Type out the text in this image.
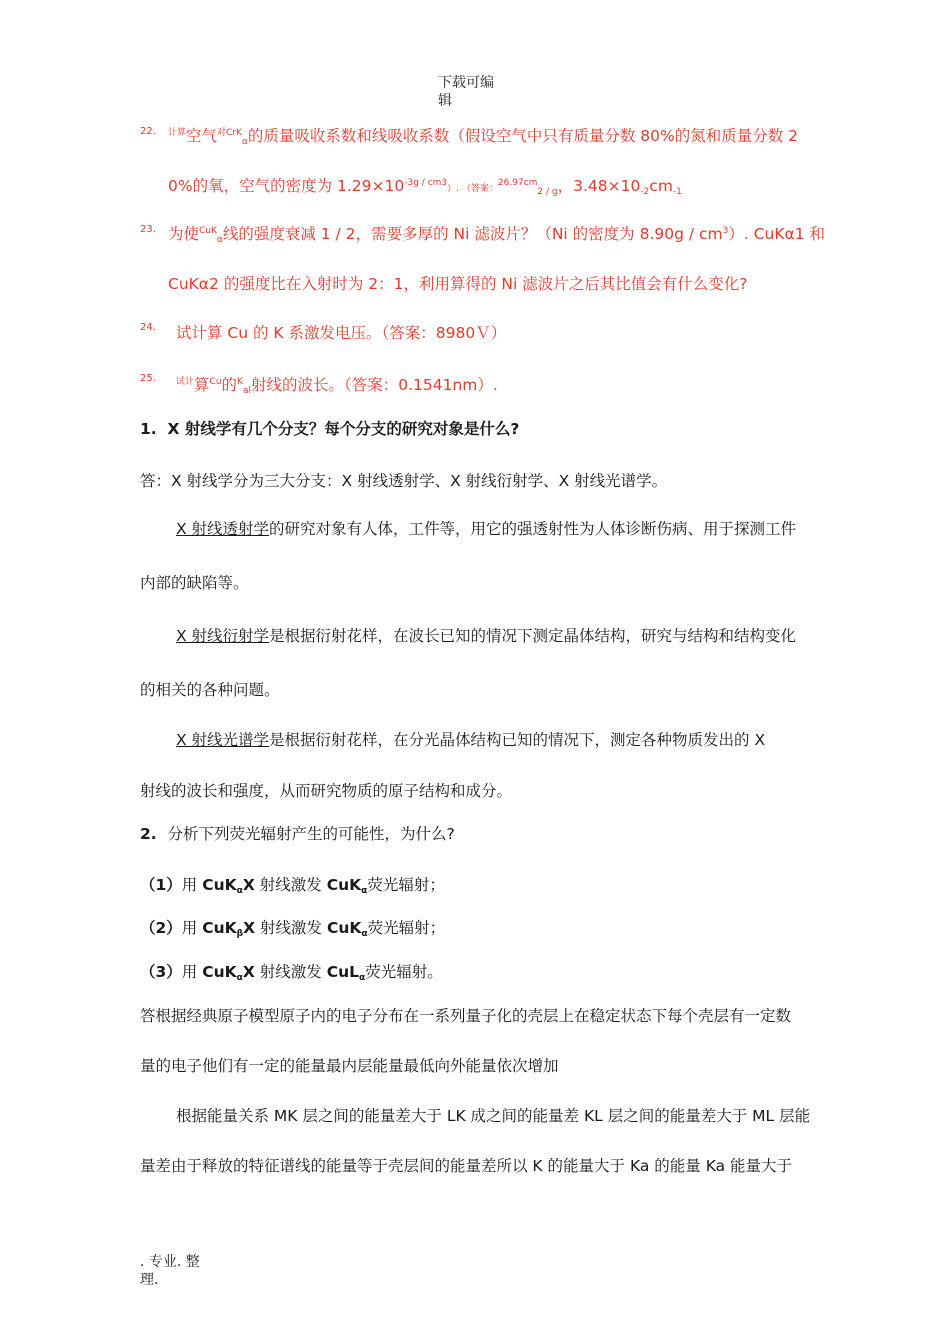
下载可编
辑
22. $^{计算}$空气$^{对CrK}_\alpha$的质量吸收系数和线吸收系数（假设空气中只有质量分数 80%的氮和质量分数 2
0%的氧，空气的密度为 $1.29\times 10^{-3g / cm3}$）. （答案：$^{26.97cm}_{2 / g}$，$3.48\times 10_{-2}cm_{-1}$
23. 为使$^{CuK}_\alpha$线的强度衰减 1 / 2，需要多厚的 Ni 滤波片？（Ni 的密度为 $8.90g / cm^3$）. CuKα1 和
CuKα2 的强度比在入射时为 2：1，利用算得的 Ni 滤波片之后其比值会有什么变化?
24. 试计算 Cu 的 K 系激发电压。（答案：8980Ｖ）
25. $^{试计}$算$^{Cu}$的$^K_{al}$射线的波长。（答案：0.1541nm）.
1. X 射线学有几个分支？每个分支的研究对象是什么?
答：X 射线学分为三大分支：X 射线透射学、X 射线衍射学、X 射线光谱学。
X 射线透射学的研究对象有人体，工件等，用它的强透射性为人体诊断伤病、用于探测工件
内部的缺陷等。
X 射线衍射学是根据衍射花样，在波长已知的情况下测定晶体结构，研究与结构和结构变化
的相关的各种问题。
X 射线光谱学是根据衍射花样，在分光晶体结构已知的情况下，测定各种物质发出的 X
射线的波长和强度，从而研究物质的原子结构和成分。
2. 分析下列荧光辐射产生的可能性，为什么?
（1）用 CuK$_\alpha$X 射线激发 CuK$_\alpha$荧光辐射；
（2）用 CuK$_\beta$X 射线激发 CuK$_\alpha$荧光辐射；
（3）用 CuK$_\alpha$X 射线激发 CuL$_\alpha$荧光辐射。
答根据经典原子模型原子内的电子分布在一系列量子化的壳层上在稳定状态下每个壳层有一定数
量的电子他们有一定的能量最内层能量最低向外能量依次增加
根据能量关系 MK 层之间的能量差大于 LK 成之间的能量差 KL 层之间的能量差大于 ML 层能
量差由于释放的特征谱线的能量等于壳层间的能量差所以 K 的能量大于 Ka 的能量 Ka 能量大于
. 专业. 整
理.
